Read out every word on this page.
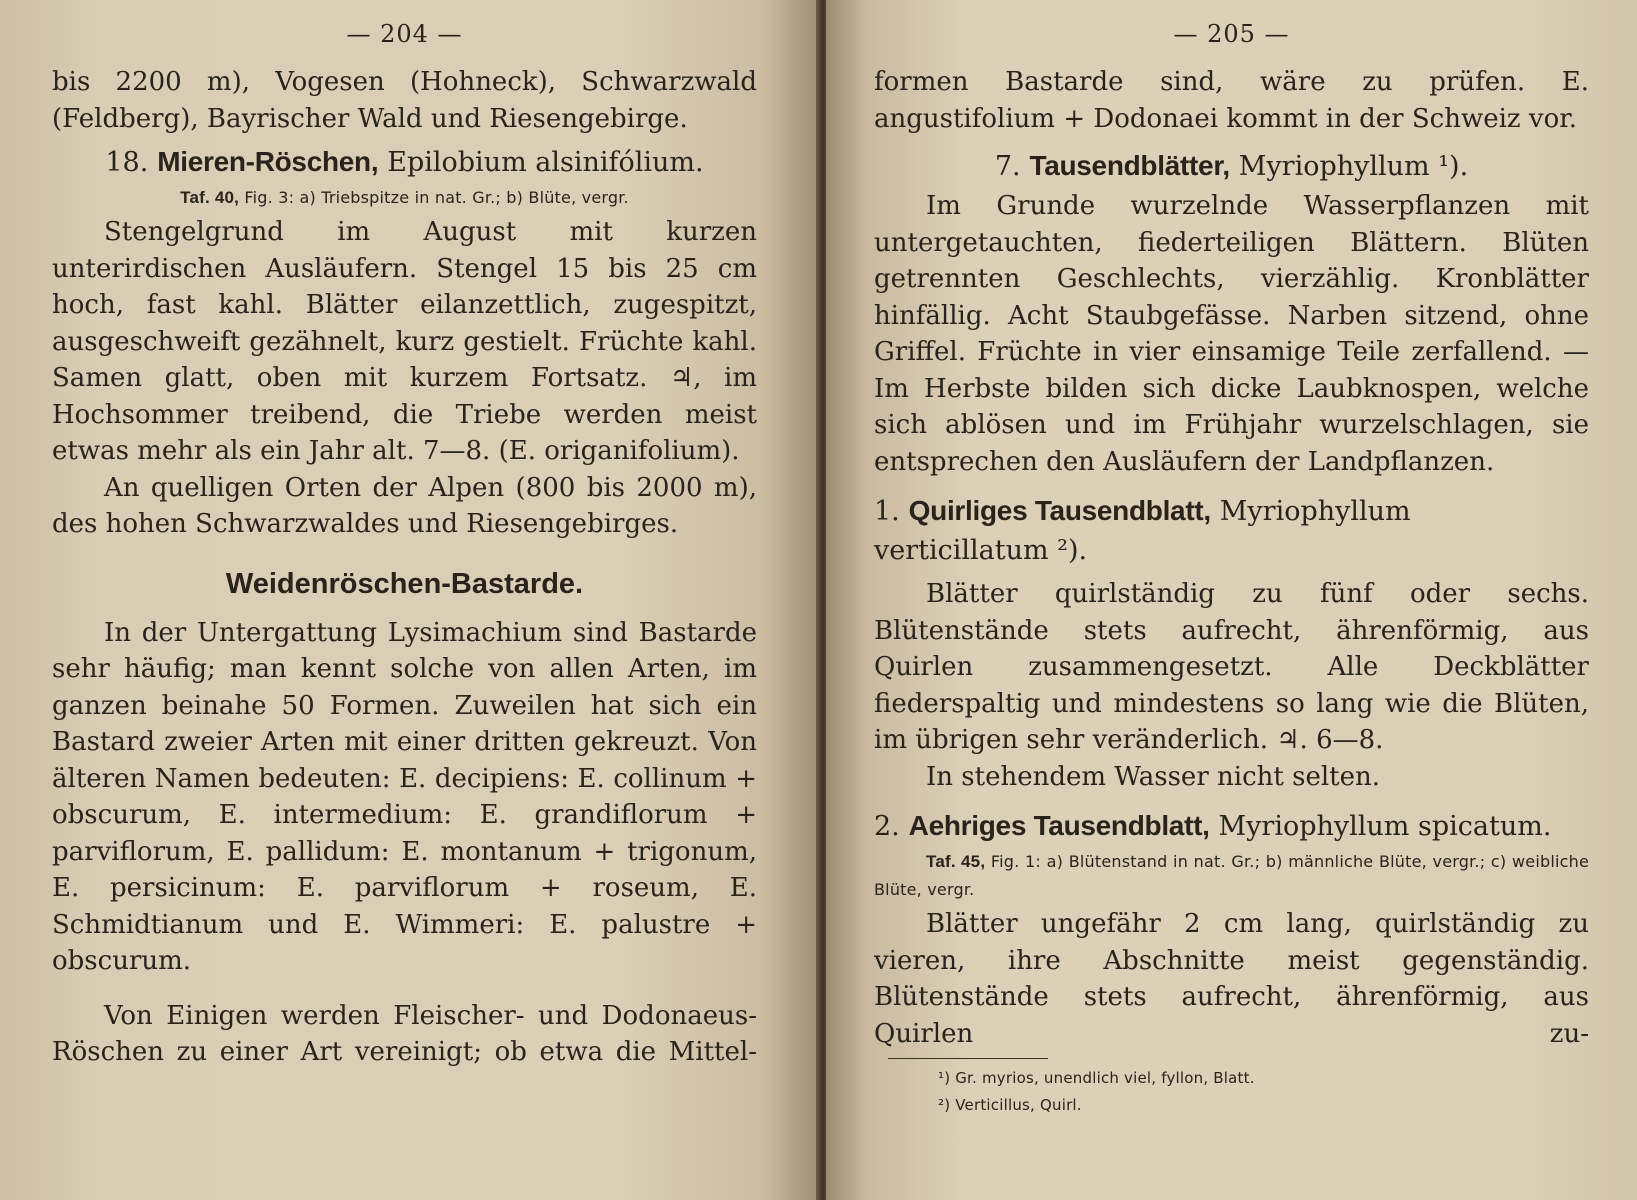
— 204 —

bis 2200 m), Vogesen (Hohneck), Schwarzwald (Feldberg), Bayrischer Wald und Riesengebirge.

18. Mieren-Röschen, Epilobium alsinifólium.
Taf. 40, Fig. 3: a) Triebspitze in nat. Gr.; b) Blüte, vergr.

Stengelgrund im August mit kurzen unterirdischen Ausläufern. Stengel 15 bis 25 cm hoch, fast kahl. Blätter eilanzettlich, zugespitzt, ausgeschweift gezähnelt, kurz gestielt. Früchte kahl. Samen glatt, oben mit kurzem Fortsatz. ♃, im Hochsommer treibend, die Triebe werden meist etwas mehr als ein Jahr alt. 7—8. (E. origanifolium).

An quelligen Orten der Alpen (800 bis 2000 m), des hohen Schwarzwaldes und Riesengebirges.

Weidenröschen-Bastarde.

In der Untergattung Lysimachium sind Bastarde sehr häufig; man kennt solche von allen Arten, im ganzen beinahe 50 Formen. Zuweilen hat sich ein Bastard zweier Arten mit einer dritten gekreuzt. Von älteren Namen bedeuten: E. decipiens: E. collinum + obscurum, E. intermedium: E. grandiflorum + parviflorum, E. pallidum: E. montanum + trigonum, E. persicinum: E. parviflorum + roseum, E. Schmidtianum und E. Wimmeri: E. palustre + obscurum.

Von Einigen werden Fleischer- und Dodonaeus-Röschen zu einer Art vereinigt; ob etwa die Mittel-

— 205 —

formen Bastarde sind, wäre zu prüfen. E. angustifolium + Dodonaei kommt in der Schweiz vor.

7. Tausendblätter, Myriophyllum ¹).

Im Grunde wurzelnde Wasserpflanzen mit untergetauchten, fiederteiligen Blättern. Blüten getrennten Geschlechts, vierzählig. Kronblätter hinfällig. Acht Staubgefässe. Narben sitzend, ohne Griffel. Früchte in vier einsamige Teile zerfallend. — Im Herbste bilden sich dicke Laubknospen, welche sich ablösen und im Frühjahr wurzelschlagen, sie entsprechen den Ausläufern der Landpflanzen.

1. Quirliges Tausendblatt, Myriophyllum verticillatum ²).

Blätter quirlständig zu fünf oder sechs. Blütenstände stets aufrecht, ährenförmig, aus Quirlen zusammengesetzt. Alle Deckblätter fiederspaltig und mindestens so lang wie die Blüten, im übrigen sehr veränderlich. ♃. 6—8.

In stehendem Wasser nicht selten.

2. Aehriges Tausendblatt, Myriophyllum spicatum.
Taf. 45, Fig. 1: a) Blütenstand in nat. Gr.; b) männliche Blüte, vergr.; c) weibliche Blüte, vergr.

Blätter ungefähr 2 cm lang, quirlständig zu vieren, ihre Abschnitte meist gegenständig. Blütenstände stets aufrecht, ährenförmig, aus Quirlen zu-

¹) Gr. myrios, unendlich viel, fyllon, Blatt.
²) Verticillus, Quirl.
